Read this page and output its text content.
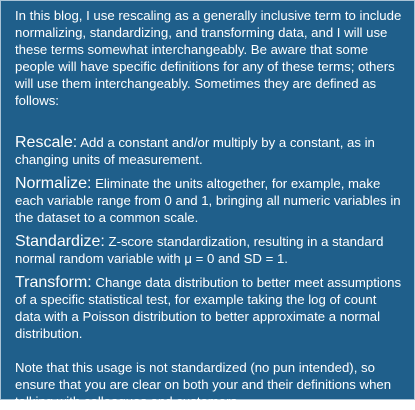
In this blog, I use rescaling as a generally inclusive term to include normalizing, standardizing, and transforming data, and I will use these terms somewhat interchangeably. Be aware that some people will have specific definitions for any of these terms; others will use them interchangeably. Sometimes they are defined as follows:

Rescale: Add a constant and/or multiply by a constant, as in changing units of measurement.

Normalize: Eliminate the units altogether, for example, make each variable range from 0 and 1, bringing all numeric variables in the dataset to a common scale.

Standardize: Z-score standardization, resulting in a standard normal random variable with μ = 0 and SD = 1.

Transform: Change data distribution to better meet assumptions of a specific statistical test, for example taking the log of count data with a Poisson distribution to better approximate a normal distribution.

Note that this usage is not standardized (no pun intended), so ensure that you are clear on both your and their definitions when talking with colleagues and customers.
